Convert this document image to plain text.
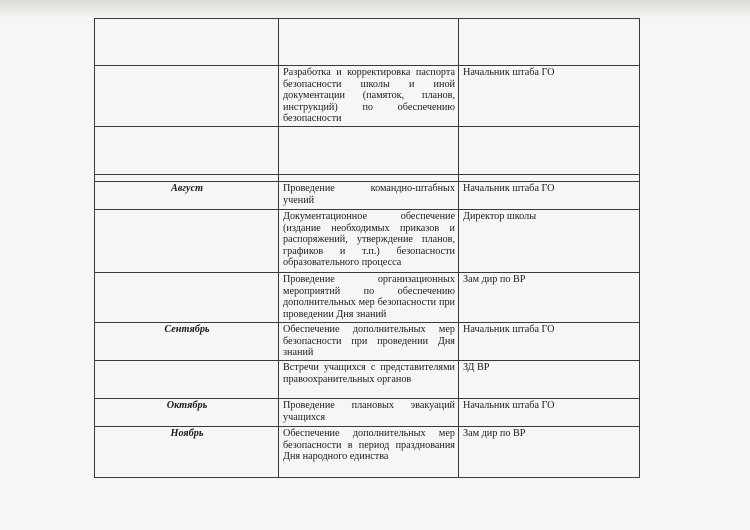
	Разработка и корректировка паспорта безопасности школы и иной документации (памяток, планов, инструкций) по обеспечению безопасности	Начальник штаба ГО

Август	Проведение командно-штабных учений	Начальник штаба ГО
	Документационное обеспечение (издание необходимых приказов и распоряжений, утверждение планов, графиков и т.п.) безопасности образовательного процесса	Директор школы
	Проведение организационных мероприятий по обеспечению дополнительных мер безопасности при проведении Дня знаний	Зам дир по ВР
Сентябрь	Обеспечение дополнительных мер безопасности при проведении Дня знаний	Начальник штаба ГО
	Встречи учащихся с представителями правоохранительных органов	ЗД ВР
Октябрь	Проведение плановых эвакуаций учащихся	Начальник штаба ГО
Ноябрь	Обеспечение дополнительных мер безопасности в период празднования Дня народного единства	Зам дир по ВР
